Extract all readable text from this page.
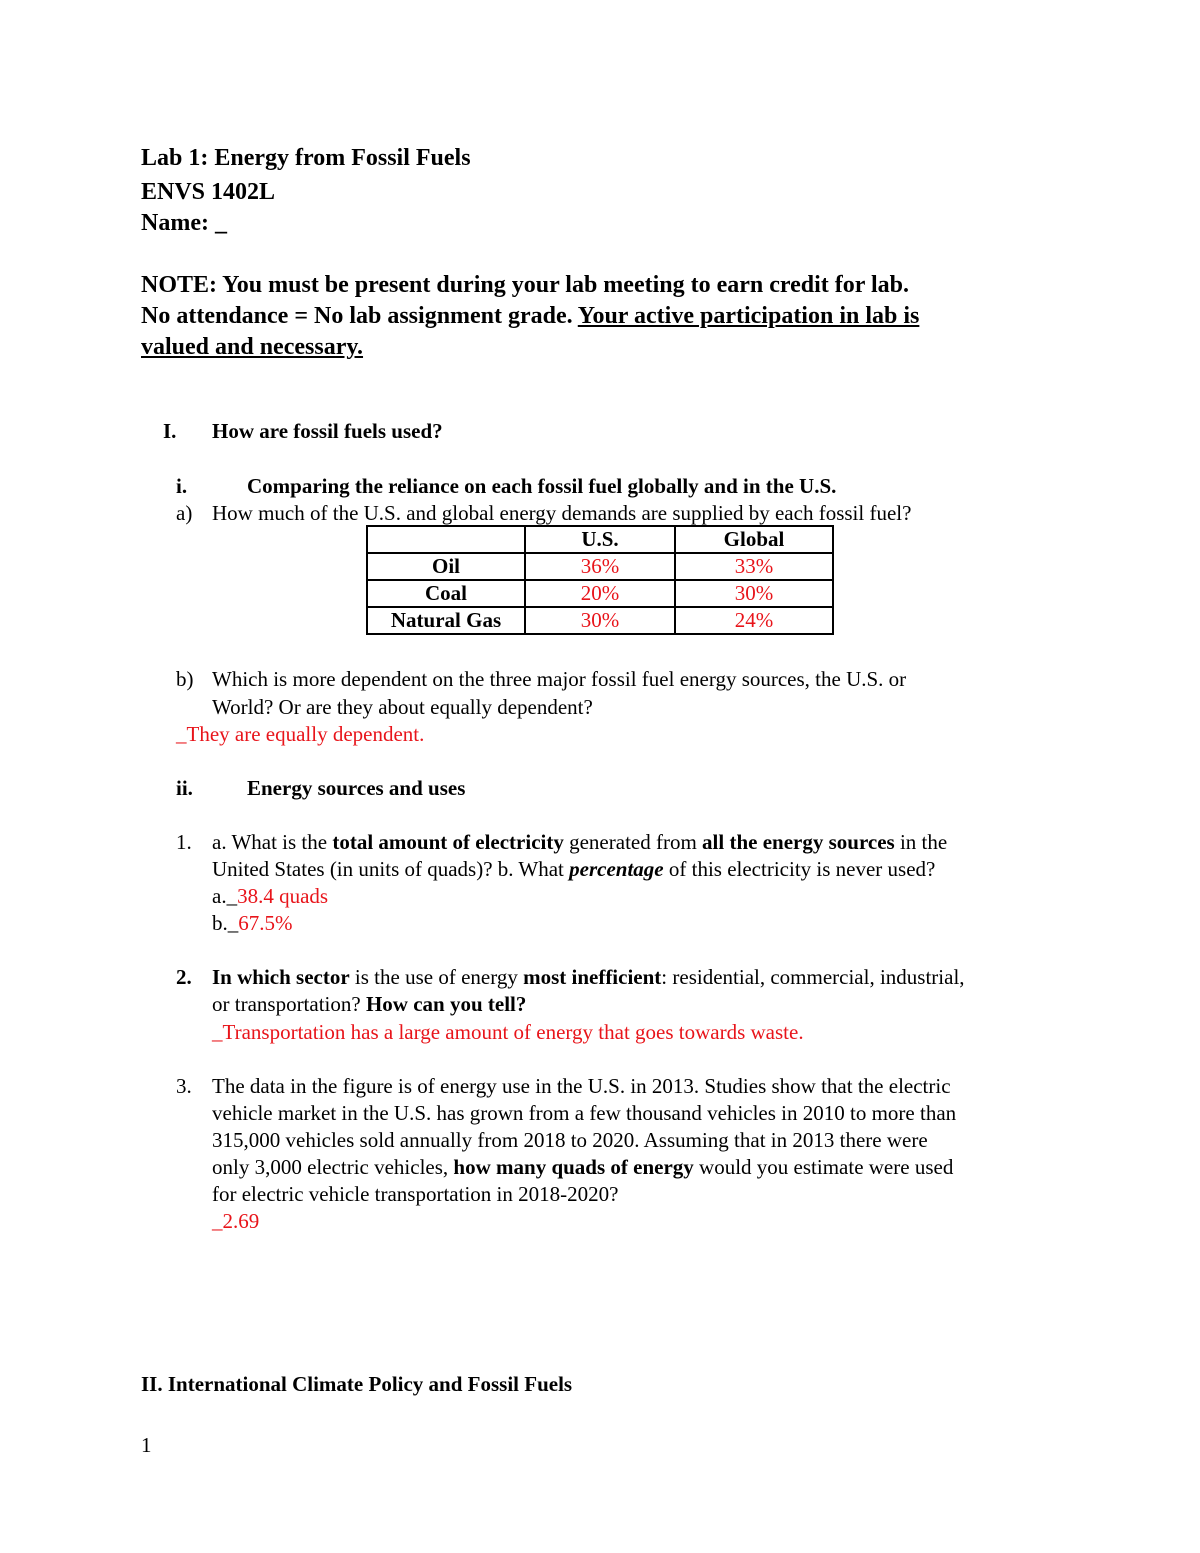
Lab 1: Energy from Fossil Fuels
ENVS 1402L
Name: _
NOTE: You must be present during your lab meeting to earn credit for lab.
No attendance = No lab assignment grade. Your active participation in lab is
valued and necessary.
I. How are fossil fuels used?
i.	Comparing the reliance on each fossil fuel globally and in the U.S.
a) How much of the U.S. and global energy demands are supplied by each fossil fuel?
	U.S.	Global
Oil	36%	33%
Coal	20%	30%
Natural Gas	30%	24%
b) Which is more dependent on the three major fossil fuel energy sources, the U.S. or
World? Or are they about equally dependent?
_They are equally dependent.
ii.	Energy sources and uses
1. a. What is the total amount of electricity generated from all the energy sources in the
United States (in units of quads)? b. What percentage of this electricity is never used?
a._38.4 quads
b._67.5%
2. In which sector is the use of energy most inefficient: residential, commercial, industrial,
or transportation? How can you tell?
_Transportation has a large amount of energy that goes towards waste.
3. The data in the figure is of energy use in the U.S. in 2013. Studies show that the electric
vehicle market in the U.S. has grown from a few thousand vehicles in 2010 to more than
315,000 vehicles sold annually from 2018 to 2020. Assuming that in 2013 there were
only 3,000 electric vehicles, how many quads of energy would you estimate were used
for electric vehicle transportation in 2018-2020?
_2.69
II. International Climate Policy and Fossil Fuels
1
